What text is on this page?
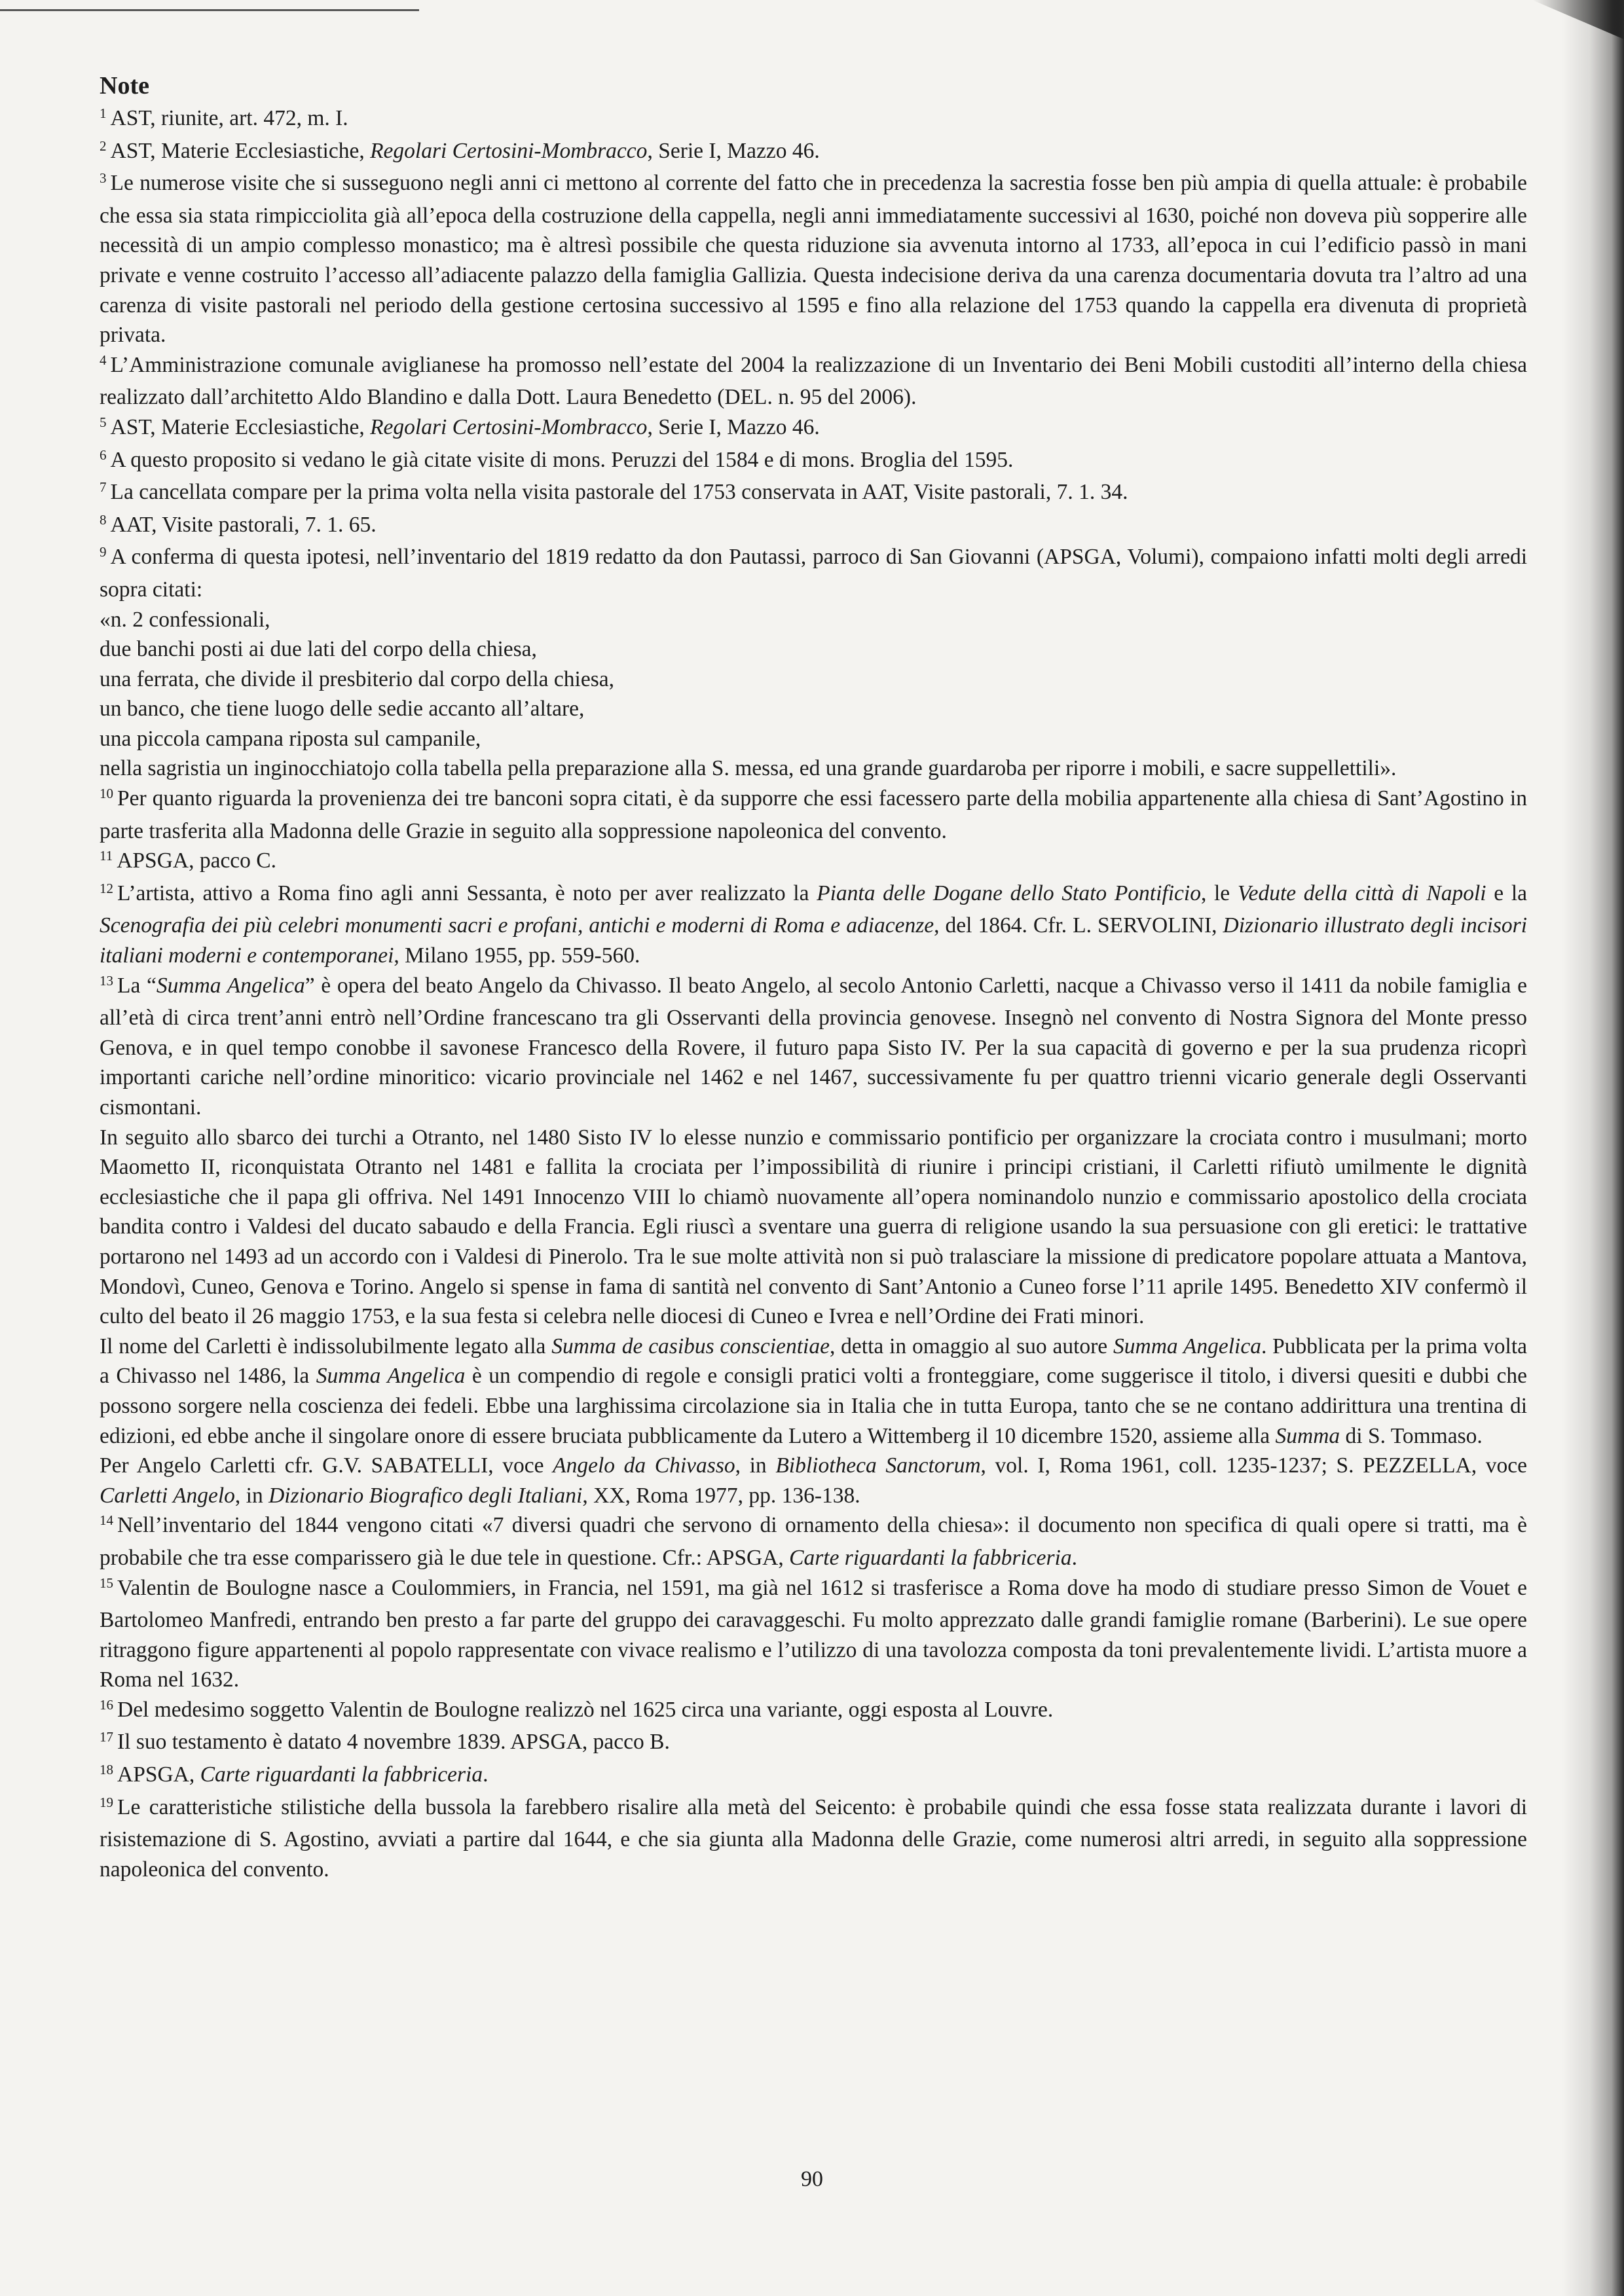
Note

$^1$ AST, riunite, art. 472, m. I.

$^2$ AST, Materie Ecclesiastiche, Regolari Certosini-Mombracco, Serie I, Mazzo 46.

$^3$ Le numerose visite che si susseguono negli anni ci mettono al corrente del fatto che in precedenza la sacrestia fosse ben più ampia di quella attuale: è probabile che essa sia stata rimpicciolita già all’epoca della costruzione della cappella, negli anni immediatamente successivi al 1630, poiché non doveva più sopperire alle necessità di un ampio complesso monastico; ma è altresì possibile che questa riduzione sia avvenuta intorno al 1733, all’epoca in cui l’edificio passò in mani private e venne costruito l’accesso all’adiacente palazzo della famiglia Gallizia. Questa indecisione deriva da una carenza documentaria dovuta tra l’altro ad una carenza di visite pastorali nel periodo della gestione certosina successivo al 1595 e fino alla relazione del 1753 quando la cappella era divenuta di proprietà privata.

$^4$ L’Amministrazione comunale aviglianese ha promosso nell’estate del 2004 la realizzazione di un Inventario dei Beni Mobili custoditi all’interno della chiesa realizzato dall’architetto Aldo Blandino e dalla Dott. Laura Benedetto (DEL. n. 95 del 2006).

$^5$ AST, Materie Ecclesiastiche, Regolari Certosini-Mombracco, Serie I, Mazzo 46.

$^6$ A questo proposito si vedano le già citate visite di mons. Peruzzi del 1584 e di mons. Broglia del 1595.

$^7$ La cancellata compare per la prima volta nella visita pastorale del 1753 conservata in AAT, Visite pastorali, 7. 1. 34.

$^8$ AAT, Visite pastorali, 7. 1. 65.

$^9$ A conferma di questa ipotesi, nell’inventario del 1819 redatto da don Pautassi, parroco di San Giovanni (APSGA, Volumi), compaiono infatti molti degli arredi sopra citati:

«n. 2 confessionali,

due banchi posti ai due lati del corpo della chiesa,

una ferrata, che divide il presbiterio dal corpo della chiesa,

un banco, che tiene luogo delle sedie accanto all’altare,

una piccola campana riposta sul campanile,

nella sagristia un inginocchiatojo colla tabella pella preparazione alla S. messa, ed una grande guardaroba per riporre i mobili, e sacre suppellettili».

$^{10}$ Per quanto riguarda la provenienza dei tre banconi sopra citati, è da supporre che essi facessero parte della mobilia appartenente alla chiesa di Sant’Agostino in parte trasferita alla Madonna delle Grazie in seguito alla soppressione napoleonica del convento.

$^{11}$ APSGA, pacco C.

$^{12}$ L’artista, attivo a Roma fino agli anni Sessanta, è noto per aver realizzato la Pianta delle Dogane dello Stato Pontificio, le Vedute della città di Napoli e la Scenografia dei più celebri monumenti sacri e profani, antichi e moderni di Roma e adiacenze, del 1864. Cfr. L. SERVOLINI, Dizionario illustrato degli incisori italiani moderni e contemporanei, Milano 1955, pp. 559-560.

$^{13}$ La “Summa Angelica” è opera del beato Angelo da Chivasso. Il beato Angelo, al secolo Antonio Carletti, nacque a Chivasso verso il 1411 da nobile famiglia e all’età di circa trent’anni entrò nell’Ordine francescano tra gli Osservanti della provincia genovese. Insegnò nel convento di Nostra Signora del Monte presso Genova, e in quel tempo conobbe il savonese Francesco della Rovere, il futuro papa Sisto IV. Per la sua capacità di governo e per la sua prudenza ricoprì importanti cariche nell’ordine minoritico: vicario provinciale nel 1462 e nel 1467, successivamente fu per quattro trienni vicario generale degli Osservanti cismontani.

In seguito allo sbarco dei turchi a Otranto, nel 1480 Sisto IV lo elesse nunzio e commissario pontificio per organizzare la crociata contro i musulmani; morto Maometto II, riconquistata Otranto nel 1481 e fallita la crociata per l’impossibilità di riunire i principi cristiani, il Carletti rifiutò umilmente le dignità ecclesiastiche che il papa gli offriva. Nel 1491 Innocenzo VIII lo chiamò nuovamente all’opera nominandolo nunzio e commissario apostolico della crociata bandita contro i Valdesi del ducato sabaudo e della Francia. Egli riuscì a sventare una guerra di religione usando la sua persuasione con gli eretici: le trattative portarono nel 1493 ad un accordo con i Valdesi di Pinerolo. Tra le sue molte attività non si può tralasciare la missione di predicatore popolare attuata a Mantova, Mondovì, Cuneo, Genova e Torino. Angelo si spense in fama di santità nel convento di Sant’Antonio a Cuneo forse l’11 aprile 1495. Benedetto XIV confermò il culto del beato il 26 maggio 1753, e la sua festa si celebra nelle diocesi di Cuneo e Ivrea e nell’Ordine dei Frati minori.

Il nome del Carletti è indissolubilmente legato alla Summa de casibus conscientiae, detta in omaggio al suo autore Summa Angelica. Pubblicata per la prima volta a Chivasso nel 1486, la Summa Angelica è un compendio di regole e consigli pratici volti a fronteggiare, come suggerisce il titolo, i diversi quesiti e dubbi che possono sorgere nella coscienza dei fedeli. Ebbe una larghissima circolazione sia in Italia che in tutta Europa, tanto che se ne contano addirittura una trentina di edizioni, ed ebbe anche il singolare onore di essere bruciata pubblicamente da Lutero a Wittemberg il 10 dicembre 1520, assieme alla Summa di S. Tommaso.

Per Angelo Carletti cfr. G.V. SABATELLI, voce Angelo da Chivasso, in Bibliotheca Sanctorum, vol. I, Roma 1961, coll. 1235-1237; S. PEZZELLA, voce Carletti Angelo, in Dizionario Biografico degli Italiani, XX, Roma 1977, pp. 136-138.

$^{14}$ Nell’inventario del 1844 vengono citati «7 diversi quadri che servono di ornamento della chiesa»: il documento non specifica di quali opere si tratti, ma è probabile che tra esse comparissero già le due tele in questione. Cfr.: APSGA, Carte riguardanti la fabbriceria.

$^{15}$ Valentin de Boulogne nasce a Coulommiers, in Francia, nel 1591, ma già nel 1612 si trasferisce a Roma dove ha modo di studiare presso Simon de Vouet e Bartolomeo Manfredi, entrando ben presto a far parte del gruppo dei caravaggeschi. Fu molto apprezzato dalle grandi famiglie romane (Barberini). Le sue opere ritraggono figure appartenenti al popolo rappresentate con vivace realismo e l’utilizzo di una tavolozza composta da toni prevalentemente lividi. L’artista muore a Roma nel 1632.

$^{16}$ Del medesimo soggetto Valentin de Boulogne realizzò nel 1625 circa una variante, oggi esposta al Louvre.

$^{17}$ Il suo testamento è datato 4 novembre 1839. APSGA, pacco B.

$^{18}$ APSGA, Carte riguardanti la fabbriceria.

$^{19}$ Le caratteristiche stilistiche della bussola la farebbero risalire alla metà del Seicento: è probabile quindi che essa fosse stata realizzata durante i lavori di risistemazione di S. Agostino, avviati a partire dal 1644, e che sia giunta alla Madonna delle Grazie, come numerosi altri arredi, in seguito alla soppressione napoleonica del convento.

90
